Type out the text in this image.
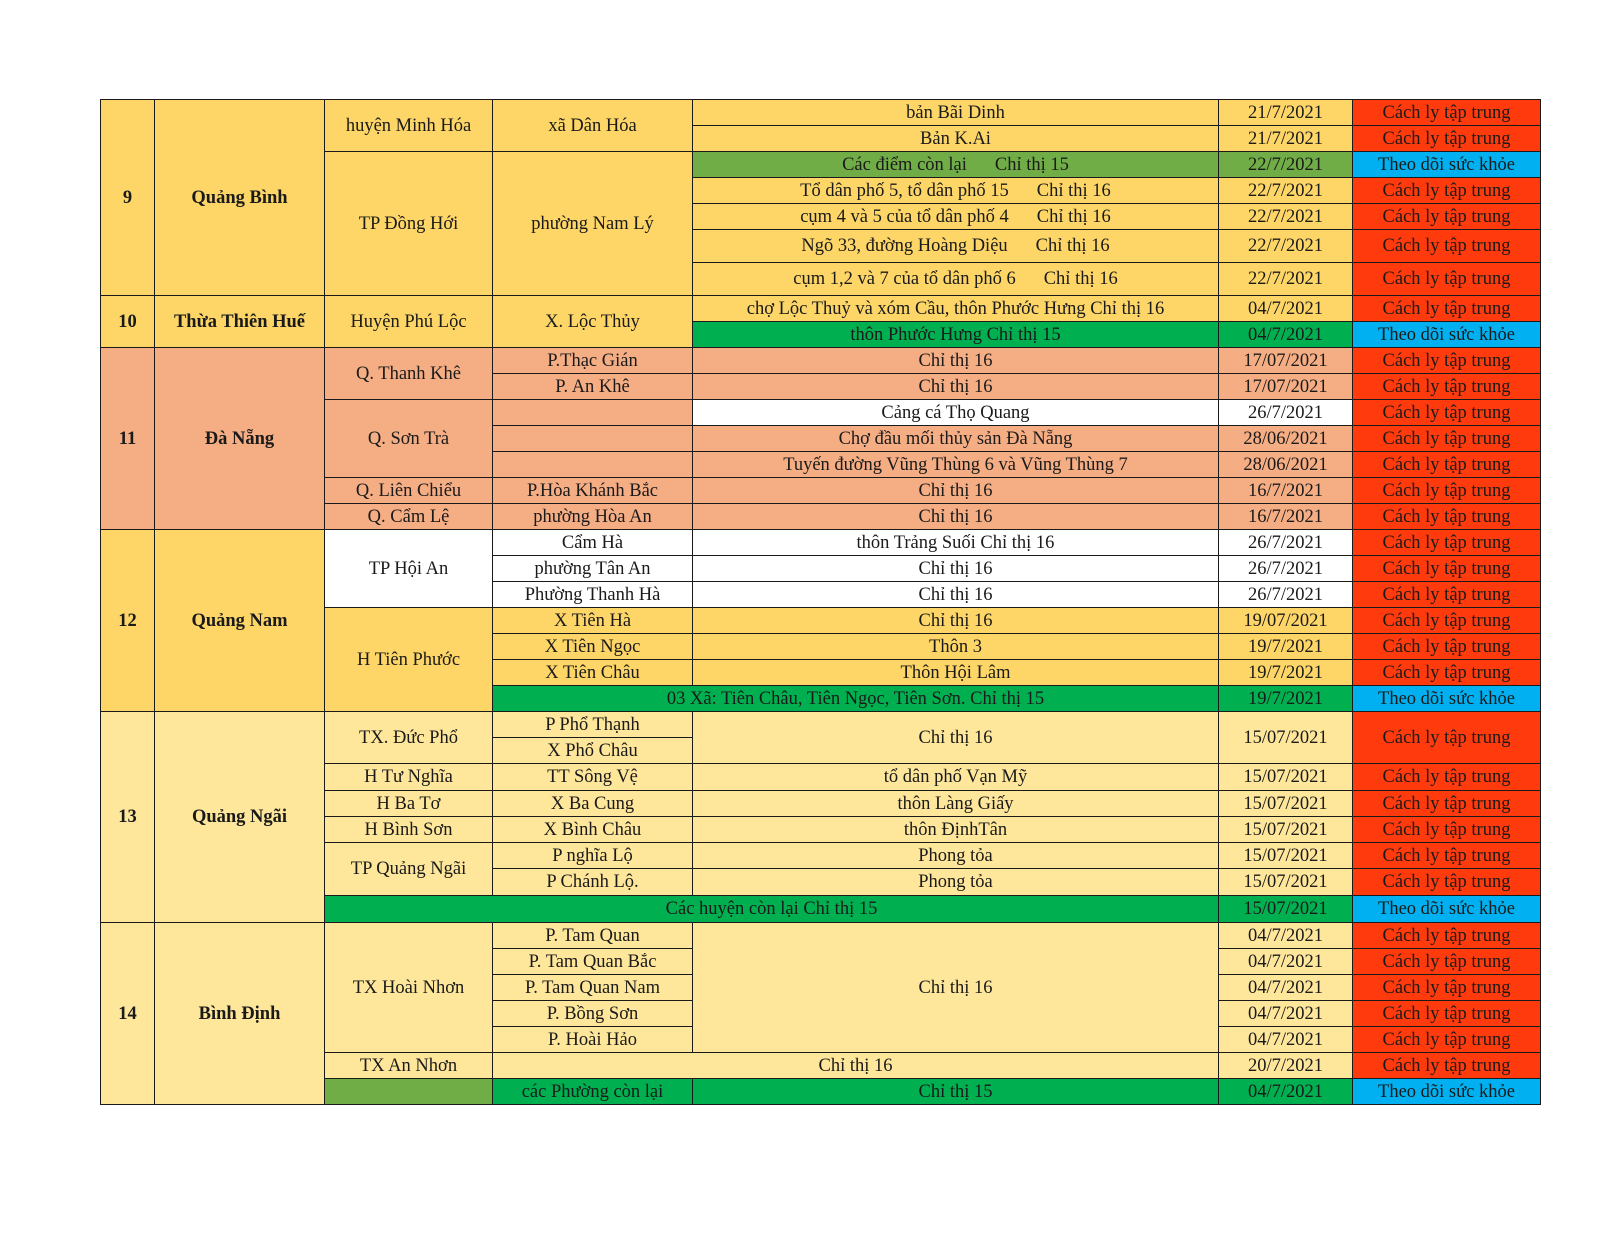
9	Quảng Bình	huyện Minh Hóa	xã Dân Hóa	bản Bãi Dinh	21/7/2021	Cách ly tập trung
				Bản K.Ai	21/7/2021	Cách ly tập trung
		TP Đồng Hới	phường Nam Lý	Các điểm còn lại Chỉ thị 15	22/7/2021	Theo dõi sức khỏe
				Tổ dân phố 5, tổ dân phố 15 Chỉ thị 16	22/7/2021	Cách ly tập trung
				cụm 4 và 5 của tổ dân phố 4 Chỉ thị 16	22/7/2021	Cách ly tập trung
				Ngõ 33, đường Hoàng Diệu Chỉ thị 16	22/7/2021	Cách ly tập trung
				cụm 1,2 và 7 của tổ dân phố 6 Chỉ thị 16	22/7/2021	Cách ly tập trung
10	Thừa Thiên Huế	Huyện Phú Lộc	X. Lộc Thủy	chợ Lộc Thuỷ và xóm Cầu, thôn Phước Hưng Chỉ thị 16	04/7/2021	Cách ly tập trung
				thôn Phước Hưng Chỉ thị 15	04/7/2021	Theo dõi sức khỏe
11	Đà Nẵng	Q. Thanh Khê	P.Thạc Gián	Chỉ thị 16	17/07/2021	Cách ly tập trung
			P. An Khê	Chỉ thị 16	17/07/2021	Cách ly tập trung
		Q. Sơn Trà		Cảng cá Thọ Quang	26/7/2021	Cách ly tập trung
				Chợ đầu mối thủy sản Đà Nẵng	28/06/2021	Cách ly tập trung
				Tuyến đường Vũng Thùng 6 và Vũng Thùng 7	28/06/2021	Cách ly tập trung
		Q. Liên Chiểu	P.Hòa Khánh Bắc	Chỉ thị 16	16/7/2021	Cách ly tập trung
		Q. Cẩm Lệ	phường Hòa An	Chỉ thị 16	16/7/2021	Cách ly tập trung
12	Quảng Nam	TP Hội An	Cẩm Hà	thôn Trảng Suối Chỉ thị 16	26/7/2021	Cách ly tập trung
			phường Tân An	Chỉ thị 16	26/7/2021	Cách ly tập trung
			Phường Thanh Hà	Chỉ thị 16	26/7/2021	Cách ly tập trung
		H Tiên Phước	X Tiên Hà	Chỉ thị 16	19/07/2021	Cách ly tập trung
			X Tiên Ngọc	Thôn 3	19/7/2021	Cách ly tập trung
			X Tiên Châu	Thôn Hội Lâm	19/7/2021	Cách ly tập trung
			03 Xã: Tiên Châu, Tiên Ngọc, Tiên Sơn. Chỉ thị 15		19/7/2021	Theo dõi sức khỏe
13	Quảng Ngãi	TX. Đức Phổ	P Phổ Thạnh	Chỉ thị 16	15/07/2021	Cách ly tập trung
			X Phổ Châu			
		H Tư Nghĩa	TT Sông Vệ	tổ dân phố Vạn Mỹ	15/07/2021	Cách ly tập trung
		H Ba Tơ	X Ba Cung	thôn Làng Giấy	15/07/2021	Cách ly tập trung
		H Bình Sơn	X Bình Châu	thôn ĐịnhTân	15/07/2021	Cách ly tập trung
		TP Quảng Ngãi	P nghĩa Lộ	Phong tỏa	15/07/2021	Cách ly tập trung
			P Chánh Lộ.	Phong tỏa	15/07/2021	Cách ly tập trung
		Các huyện còn lại Chỉ thị 15			15/07/2021	Theo dõi sức khỏe
14	Bình Định	TX Hoài Nhơn	P. Tam Quan	Chỉ thị 16	04/7/2021	Cách ly tập trung
			P. Tam Quan Bắc		04/7/2021	Cách ly tập trung
			P. Tam Quan Nam		04/7/2021	Cách ly tập trung
			P. Bồng Sơn		04/7/2021	Cách ly tập trung
			P. Hoài Hảo		04/7/2021	Cách ly tập trung
		TX An Nhơn	Chỉ thị 16		20/7/2021	Cách ly tập trung
			các Phường còn lại	Chỉ thị 15	04/7/2021	Theo dõi sức khỏe
